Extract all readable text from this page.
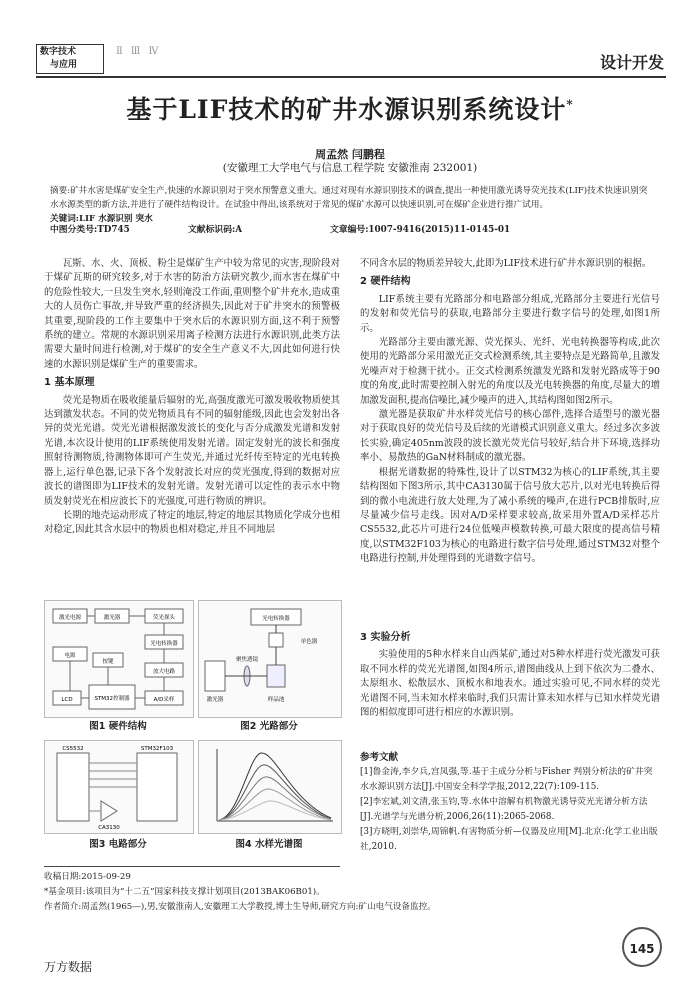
数字技术
与应用
ⅡⅢⅣ
设计开发
基于LIF技术的矿井水源识别系统设计*
周孟然 闫鹏程
(安徽理工大学电气与信息工程学院 安徽淮南 232001)
摘要:矿井水害是煤矿安全生产,快速的水源识别对于突水预警意义重大。通过对现有水源识别技术的调查,提出一种使用激光诱导荧光技术(LIF)技术快速识别突水水源类型的新方法,并进行了硬件结构设计。在试验中得出,该系统对于常见的煤矿水源可以快速识别,可在煤矿企业进行推广试用。
关键词:LIF 水源识别 突水
中图分类号:TD745	文献标识码:A	文章编号:1007-9416(2015)11-0145-01

瓦斯、水、火、顶板、粉尘是煤矿生产中较为常见的灾害,现阶段对于煤矿瓦斯的研究较多,对于水害的防治方法研究教少,而水害在煤矿中的危险性较大,一旦发生突水,轻则淹没工作面,重则整个矿井充水,造成重大的人员伤亡事故,并导致严重的经济损失,因此对于矿井突水的预警极其重要,现阶段的工作主要集中于突水后的水源识别方面,这不利于预警系统的建立。常规的水源识别采用离子检测方法进行水源识别,此类方法需要大量时间进行检测,对于煤矿的安全生产意义不大,因此如何进行快速的水源识别是煤矿生产的重要需求。

1 基本原理

荧光是物质在吸收能量后辐射的光,高强度激光可激发吸收物质使其达到激发状态。不同的荧光物质具有不同的辐射能级,因此也会发射出各异的荧光光谱。荧光光谱根据激发波长的变化与否分成激发光谱和发射光谱,本次设计使用的LIF系统使用发射光谱。固定发射光的波长和强度照射待测物质,待测物体即可产生荧光,并通过光纤传至特定的光电转换器上,运行单色器,记录下各个发射波长对应的荧光强度,得到的数据对应波长的谱图即为LIF技术的发射光谱。发射光谱可以定性的表示水中物质发射荧光在相应波长下的光强度,可进行物质的辨识。

长期的地壳运动形成了特定的地层,特定的地层其物质化学成分也相对稳定,因此其含水层中的物质也相对稳定,并且不同地层

激光电源	激光器	荧光探头
光电转换器
电源
放大电路
A/D采样
LCD	STM32控制器
按键
图1 硬件结构
光电转换器
激光器	样品池
单色器
聚焦透镜
图2 光路部分
CS5532	STM32F103
CA3130
图3 电路部分	图4 水样光谱图

不同含水层的物质差异较大,此即为LIF技术进行矿井水源识别的根据。

2 硬件结构

LIF系统主要有光路部分和电路部分组成,光路部分主要进行光信号的发射和荧光信号的获取,电路部分主要进行数字信号的处理,如图1所示。

光路部分主要由激光源、荧光探头、光纤、光电转换器等构成,此次使用的光路部分采用激光正交式检测系统,其主要特点是光路简单,且激发光噪声对于检测干扰小。正交式检测系统激发光路和发射光路成等于90度的角度,此时需要控制入射光的角度以及光电转换器的角度,尽量大的增加激发面积,提高信噪比,减少噪声的进入,其结构图如图2所示。

激光器是获取矿井水样荧光信号的核心部件,选择合适型号的激光器对于获取良好的荧光信号及后续的光谱模式识别意义重大。经过多次多波长实验,确定405nm波段的波长激光荧光信号较好,结合井下环境,选择功率小、易散热的GaN材料制成的激光器。

根据光谱数据的特殊性,设计了以STM32为核心的LIF系统,其主要结构图如下图3所示,其中CA3130属于信号放大芯片,以对光电转换后得到的微小电流进行放大处理,为了减小系统的噪声,在进行PCB排版时,应尽量减少信号走线。因对A/D采样要求较高,故采用外置A/D采样芯片CS5532,此芯片可进行24位低噪声模数转换,可最大限度的提高信号精度,以STM32F103为核心的电路进行数字信号处理,通过STM32对整个电路进行控制,并处理得到的光谱数字信号。

3 实验分析

实验使用的5种水样来自山西某矿,通过对5种水样进行荧光激发可获取不同水样的荧光光谱图,如图4所示,谱图曲线从上到下依次为二叠水、太原组水、松散层水、顶板水和地表水。通过实验可见,不同水样的荧光光谱图不同,当未知水样来临时,我们只需计算未知水样与已知水样荧光谱图的相似度即可进行相应的水源识别。

参考文献
[1]鲁金涛,李夕兵,宫凤强,等.基于主成分分析与Fisher 判别分析法的矿井突水水源识别方法[J].中国安全科学学报,2012,22(7):109-115.
[2]李宏斌,刘文清,张玉钧,等.水体中溶解有机物激光诱导荧光光谱分析方法[J].光谱学与光谱分析,2006,26(11):2065-2068.
[3]方晓明,刘崇华,周锦帆.有害物质分析—仪器及应用[M].北京:化学工业出版社,2010.
收稿日期:2015-09-29
*基金项目:该项目为“十二五”国家科技支撑计划项目(2013BAK06B01)。
作者简介:周孟然(1965—),男,安徽淮南人,安徽理工大学教授,博士生导师,研究方向:矿山电气设备监控。
145
万方数据
